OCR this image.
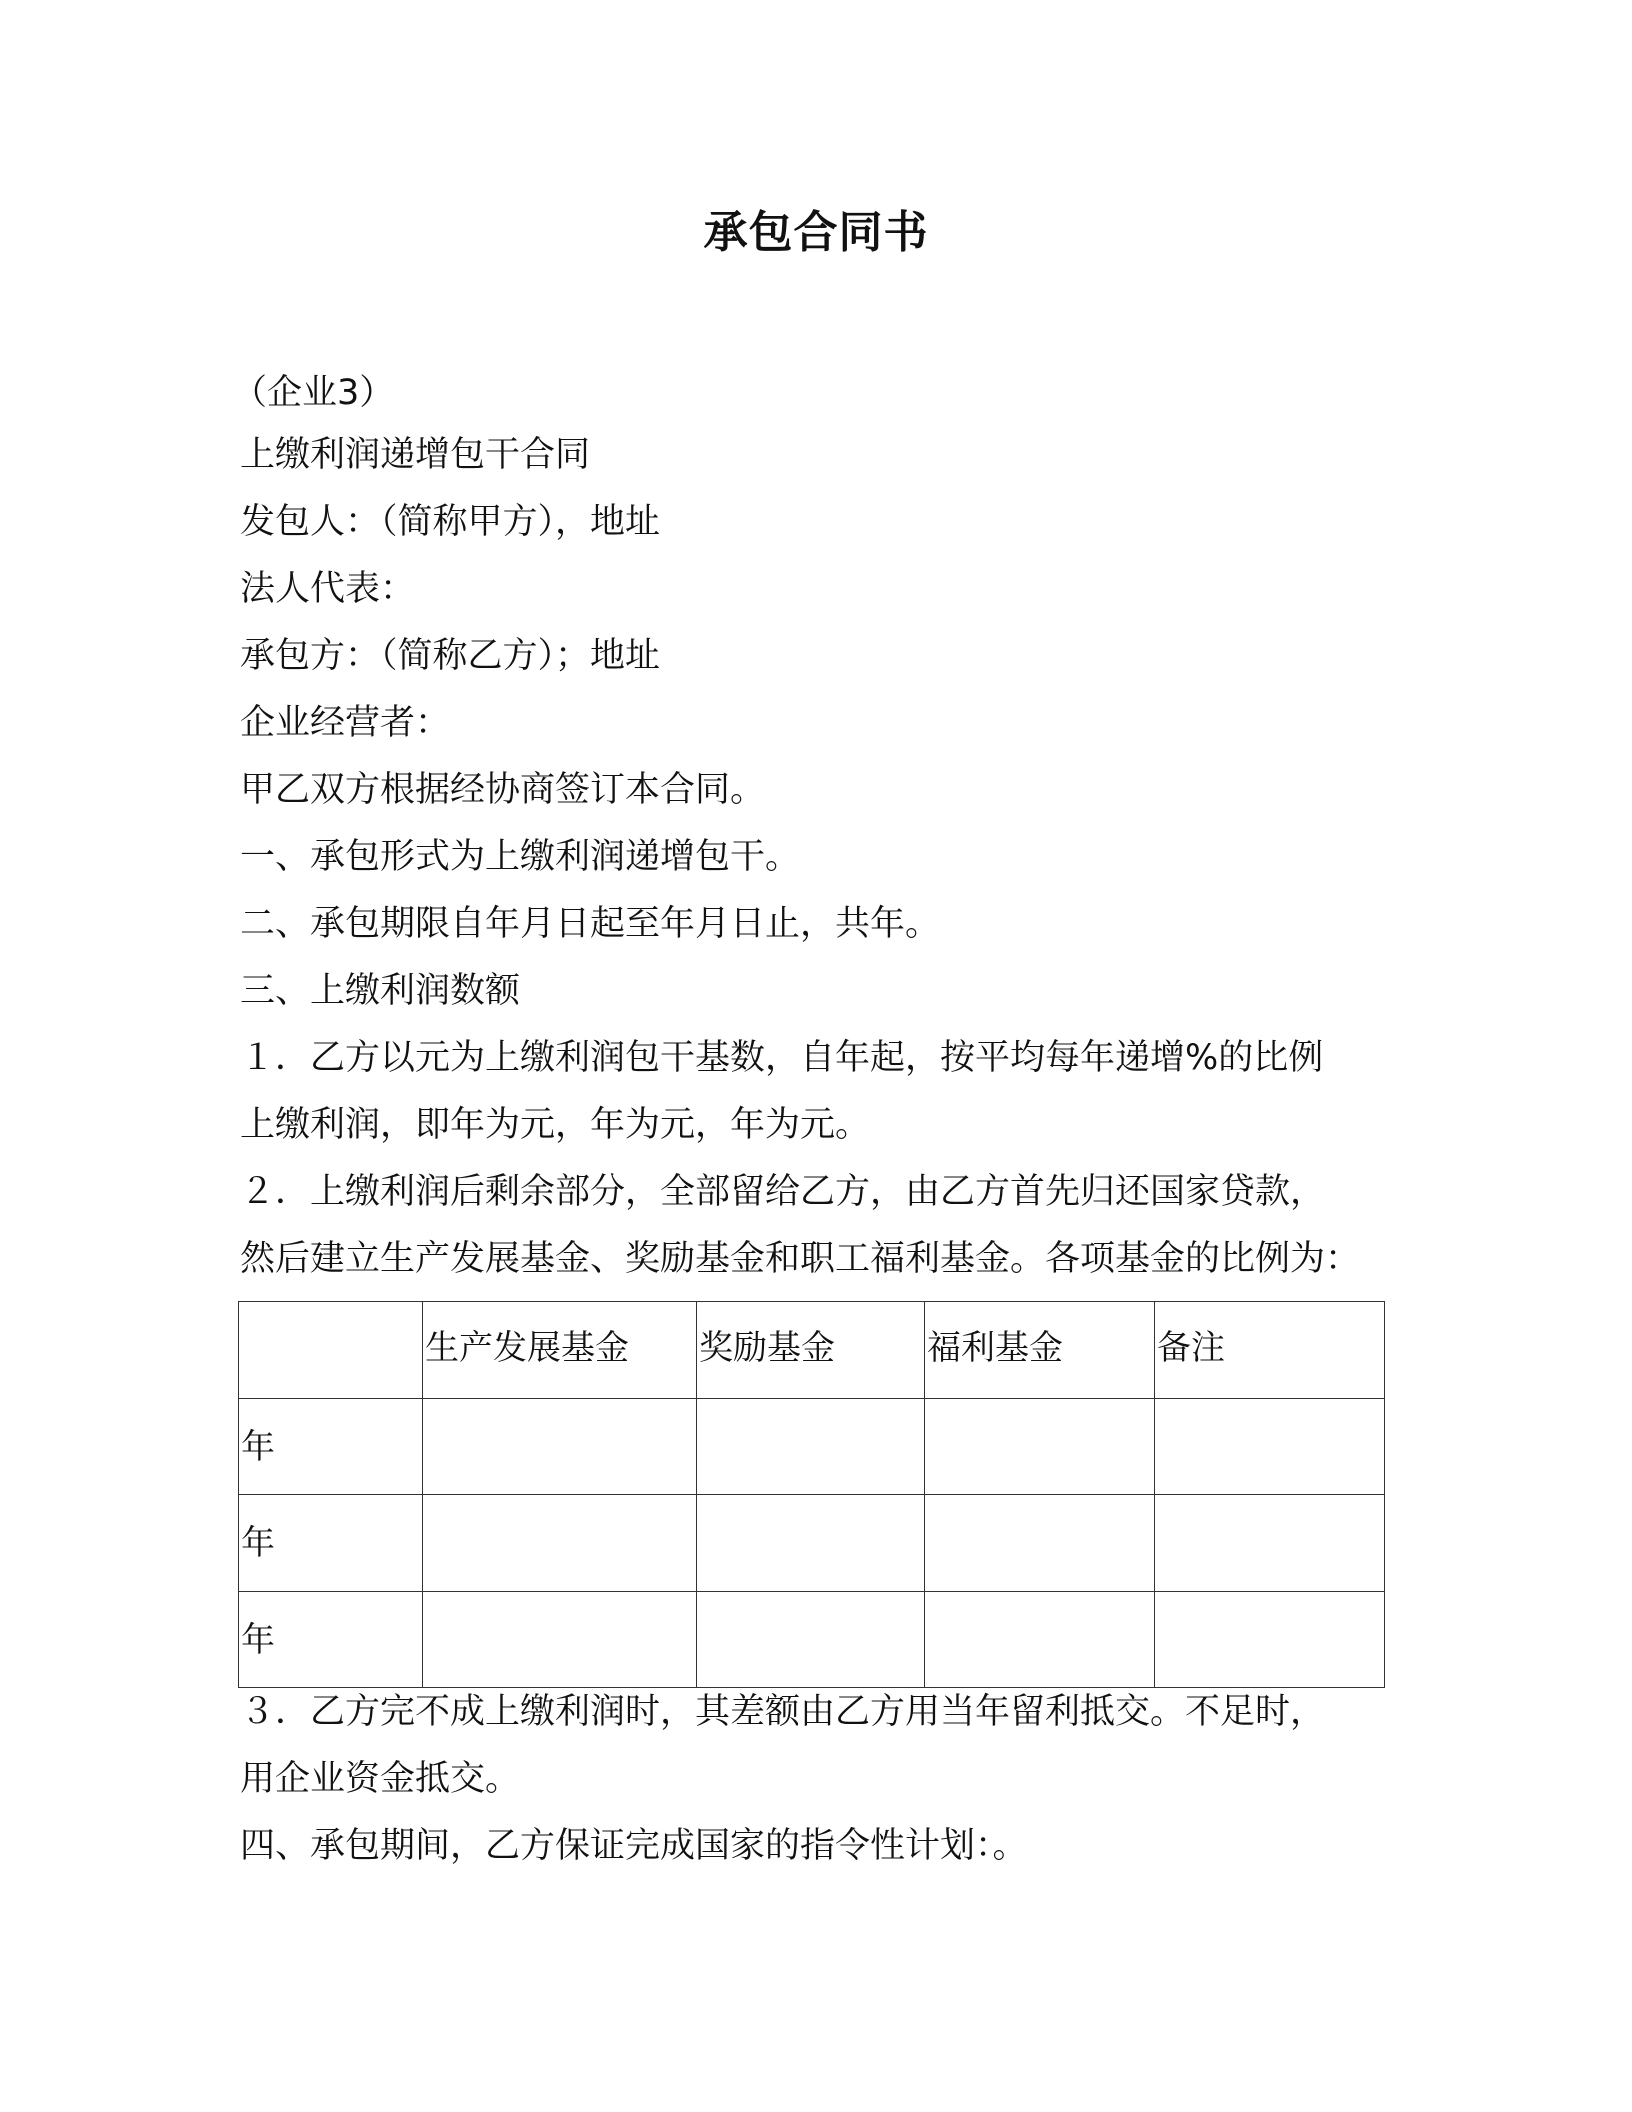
承包合同书
（企业3）
上缴利润递增包干合同
发包人：（简称甲方），地址
法人代表：
承包方：（简称乙方）；地址
企业经营者：
甲乙双方根据经协商签订本合同。
一、承包形式为上缴利润递增包干。
二、承包期限自年月日起至年月日止，共年。
三、上缴利润数额
１．乙方以元为上缴利润包干基数，自年起，按平均每年递增%的比例
上缴利润，即年为元，年为元，年为元。
２．上缴利润后剩余部分，全部留给乙方，由乙方首先归还国家贷款，
然后建立生产发展基金、奖励基金和职工福利基金。各项基金的比例为：
	生产发展基金	奖励基金	福利基金	备注
年				
年				
年				
３．乙方完不成上缴利润时，其差额由乙方用当年留利抵交。不足时，
用企业资金抵交。
四、承包期间，乙方保证完成国家的指令性计划：。
